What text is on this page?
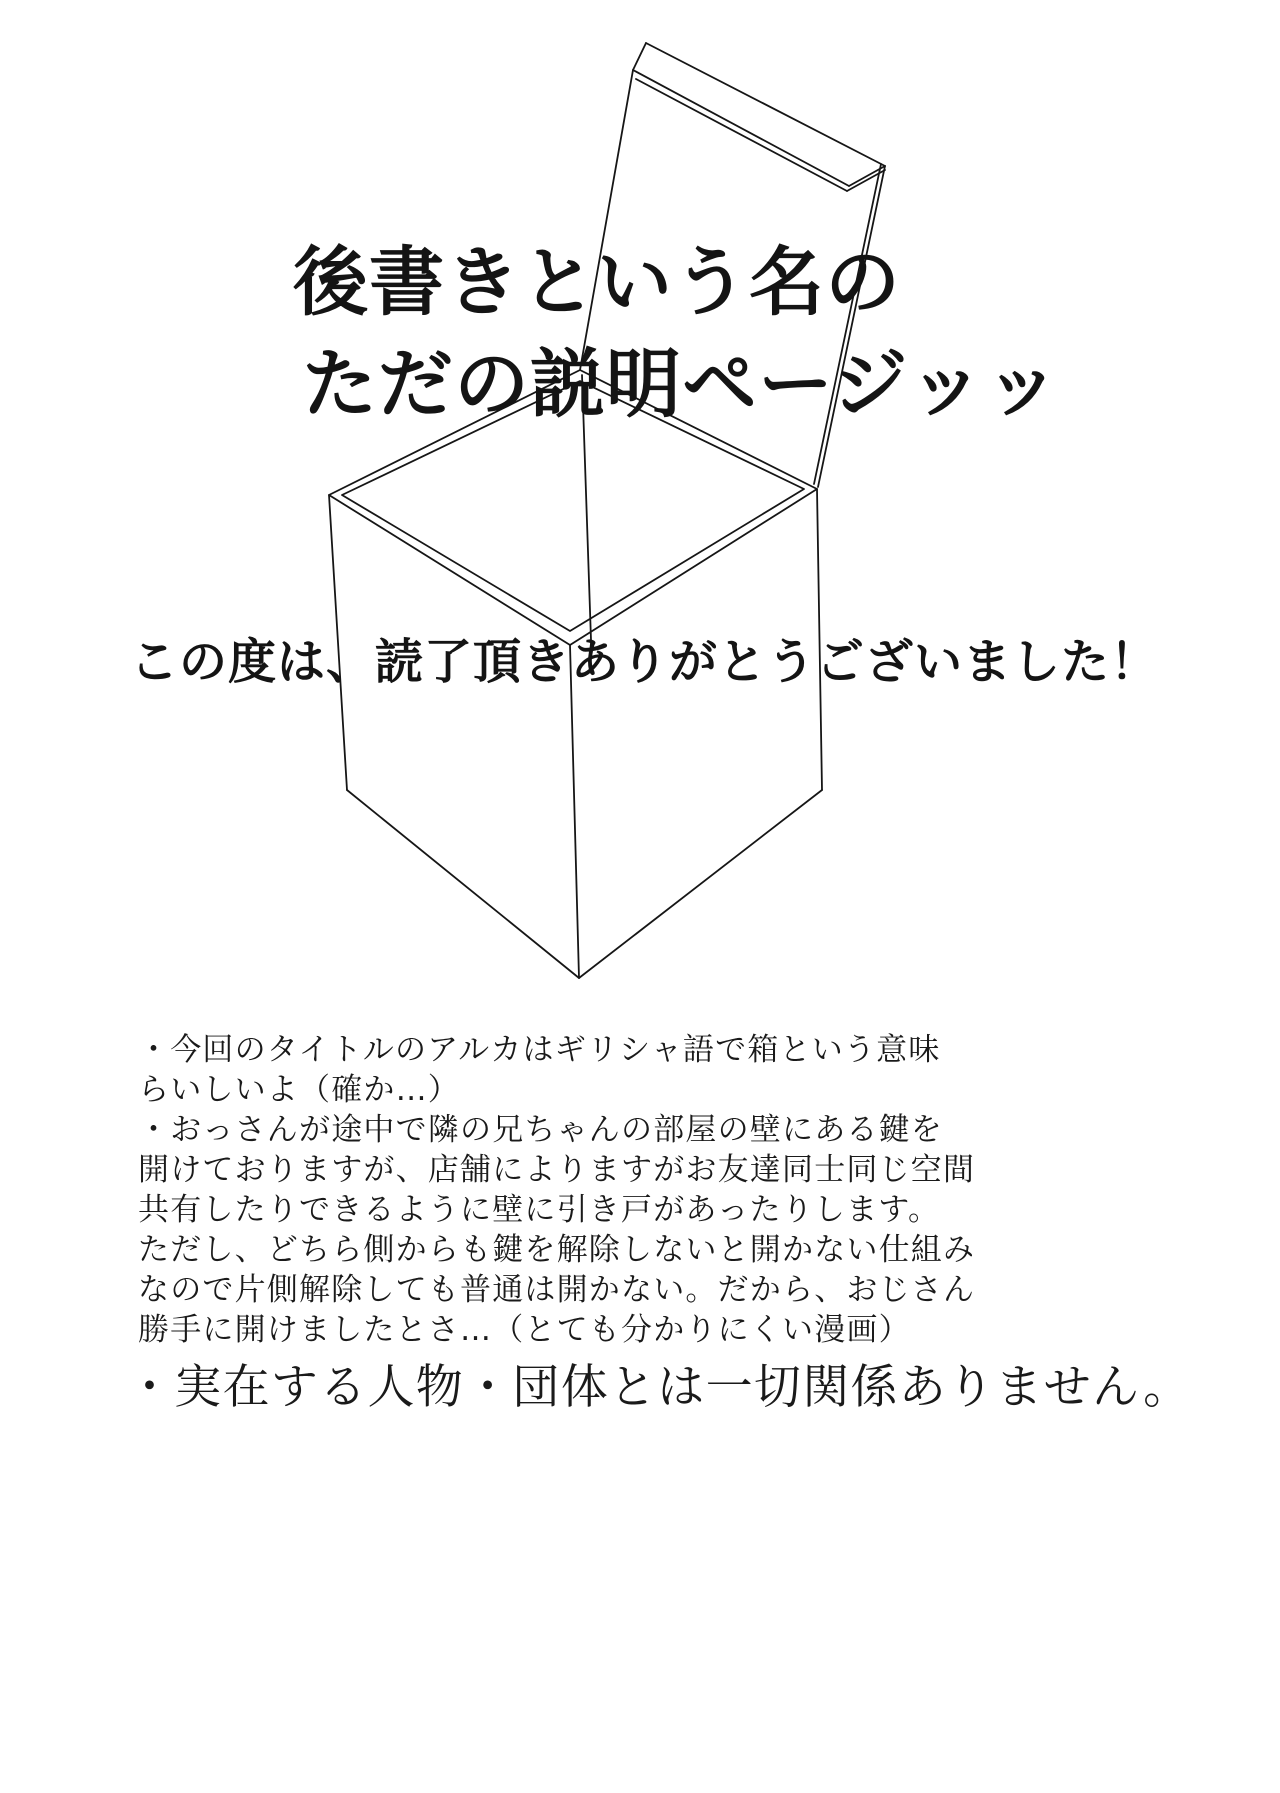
後書きという名の
ただの説明ページッッ
この度は、読了頂きありがとうございました！
・今回のタイトルのアルカはギリシャ語で箱という意味
らいしいよ（確か…）
・おっさんが途中で隣の兄ちゃんの部屋の壁にある鍵を
開けておりますが、店舗によりますがお友達同士同じ空間
共有したりできるように壁に引き戸があったりします。
ただし、どちら側からも鍵を解除しないと開かない仕組み
なので片側解除しても普通は開かない。だから、おじさん
勝手に開けましたとさ…（とても分かりにくい漫画）
・実在する人物・団体とは一切関係ありません。
